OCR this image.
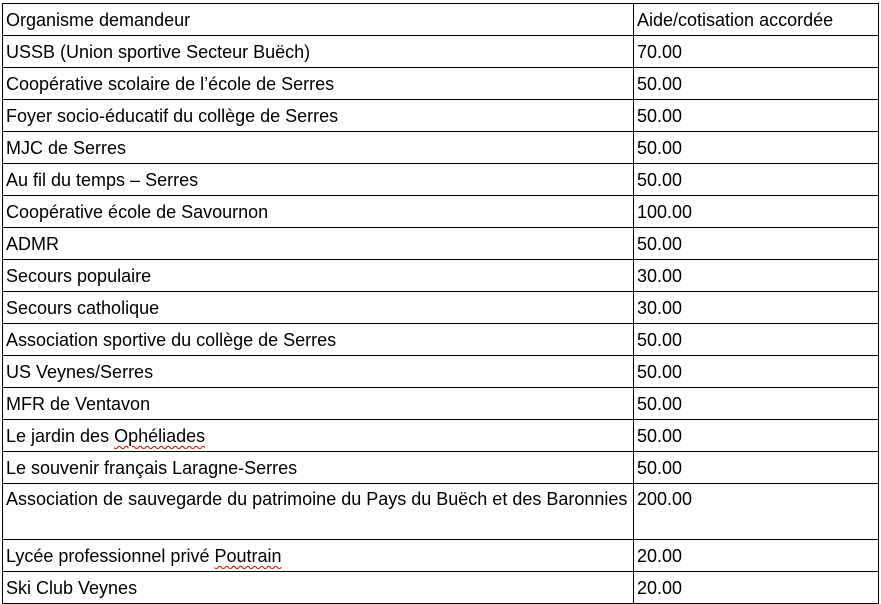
Organisme demandeur	Aide/cotisation accordée
USSB (Union sportive Secteur Buëch)	70.00
Coopérative scolaire de l’école de Serres	50.00
Foyer socio-éducatif du collège de Serres	50.00
MJC de Serres	50.00
Au fil du temps – Serres	50.00
Coopérative école de Savournon	100.00
ADMR	50.00
Secours populaire	30.00
Secours catholique	30.00
Association sportive du collège de Serres	50.00
US Veynes/Serres	50.00
MFR de Ventavon	50.00
Le jardin des Ophéliades	50.00
Le souvenir français Laragne-Serres	50.00
Association de sauvegarde du patrimoine du Pays du Buëch et des Baronnies	200.00
Lycée professionnel privé Poutrain	20.00
Ski Club Veynes	20.00
